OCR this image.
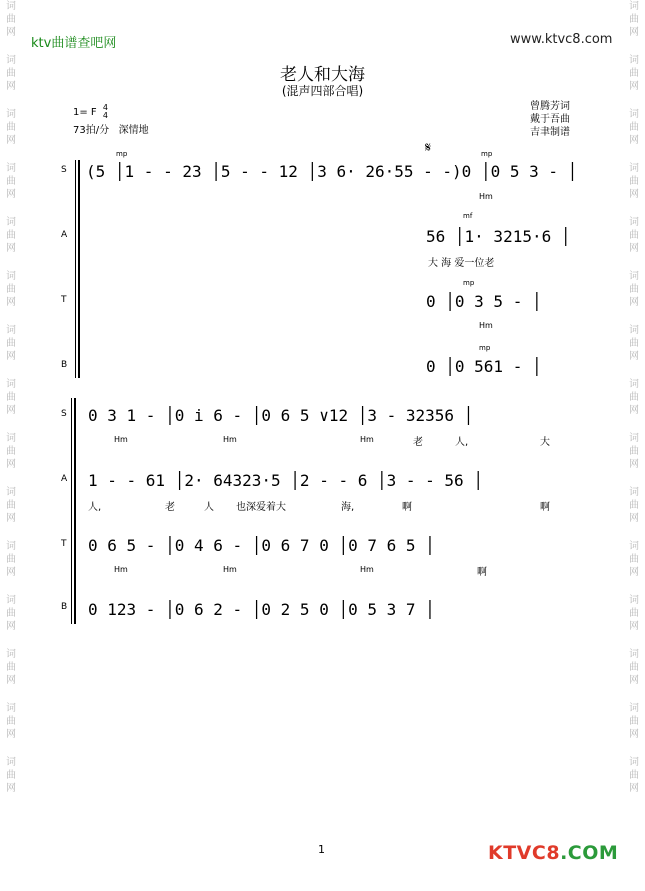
词
曲
网
词
曲
网
词
曲
网
词
曲
网
词
曲
网
词
曲
网
词
曲
网
词
曲
网
词
曲
网
词
曲
网
词
曲
网
词
曲
网
词
曲
网
词
曲
网
词
曲
网
词
曲
网
词
曲
网
词
曲
网
词
曲
网
词
曲
网
词
曲
网
词
曲
网
词
曲
网
词
曲
网
词
曲
网
词
曲
网
词
曲
网
词
曲
网
词
曲
网
词
曲
网
ktv曲谱查吧网	www.ktvc8.com
老人和大海
(混声四部合唱)
1= F 4
4
73拍/分 深情地
曾腾芳词
戴于吾曲
吉聿制谱
S
A
T
B
mp	mp
𝄋
(5 │1 - - 23 │5 - - 12 │3 6· 26·55 - -)0 │0 5 3 - │
Hm
mf
56 │1· 3215·6 │
大 海 爱一位老
mp
0 │0 3 5 - │
Hm
mp
0 │0 561 - │
S
A
T
B
0 3 1 - │0 i 6 - │0 6 5 ∨12 │3 - 32356 │
Hm	Hm	Hm	老	人,	大
1 - - 61 │2· 64323·5 │2 - - 6 │3 - - 56 │
人,	老	人 也深爱着大	海,	啊	啊
0 6 5 - │0 4 6 - │0 6 7 0 │0 7 6 5 │
Hm	Hm	Hm	啊
0 123 - │0 6 2 - │0 2 5 0 │0 5 3 7 │
1	KTVC8.COM
